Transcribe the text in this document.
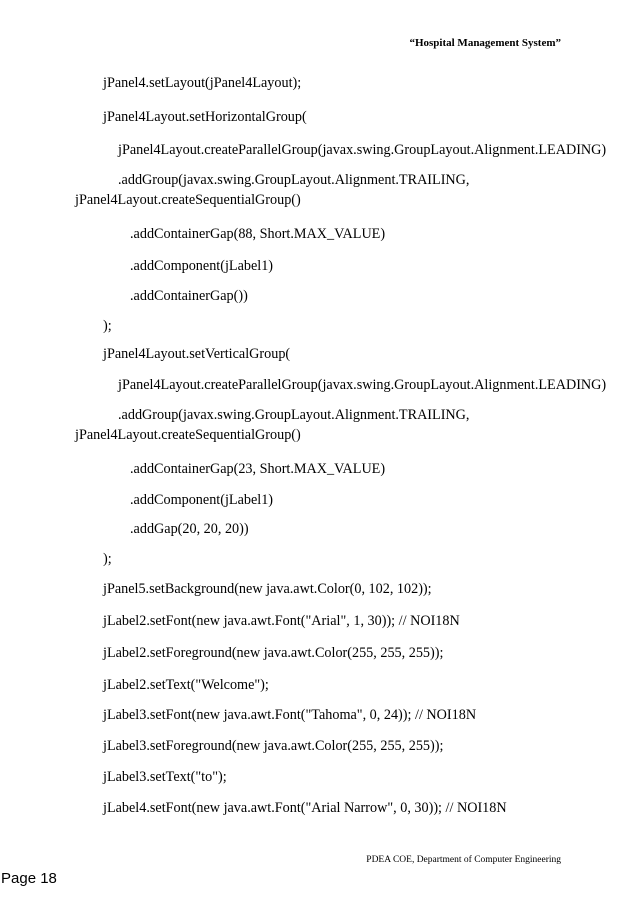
“Hospital Management System”
jPanel4.setLayout(jPanel4Layout);
jPanel4Layout.setHorizontalGroup(
jPanel4Layout.createParallelGroup(javax.swing.GroupLayout.Alignment.LEADING)
.addGroup(javax.swing.GroupLayout.Alignment.TRAILING,
jPanel4Layout.createSequentialGroup()
.addContainerGap(88, Short.MAX_VALUE)
.addComponent(jLabel1)
.addContainerGap())
);
jPanel4Layout.setVerticalGroup(
jPanel4Layout.createParallelGroup(javax.swing.GroupLayout.Alignment.LEADING)
.addGroup(javax.swing.GroupLayout.Alignment.TRAILING,
jPanel4Layout.createSequentialGroup()
.addContainerGap(23, Short.MAX_VALUE)
.addComponent(jLabel1)
.addGap(20, 20, 20))
);
jPanel5.setBackground(new java.awt.Color(0, 102, 102));
jLabel2.setFont(new java.awt.Font("Arial", 1, 30)); // NOI18N
jLabel2.setForeground(new java.awt.Color(255, 255, 255));
jLabel2.setText("Welcome");
jLabel3.setFont(new java.awt.Font("Tahoma", 0, 24)); // NOI18N
jLabel3.setForeground(new java.awt.Color(255, 255, 255));
jLabel3.setText("to");
jLabel4.setFont(new java.awt.Font("Arial Narrow", 0, 30)); // NOI18N
PDEA COE, Department of Computer Engineering
Page 18
